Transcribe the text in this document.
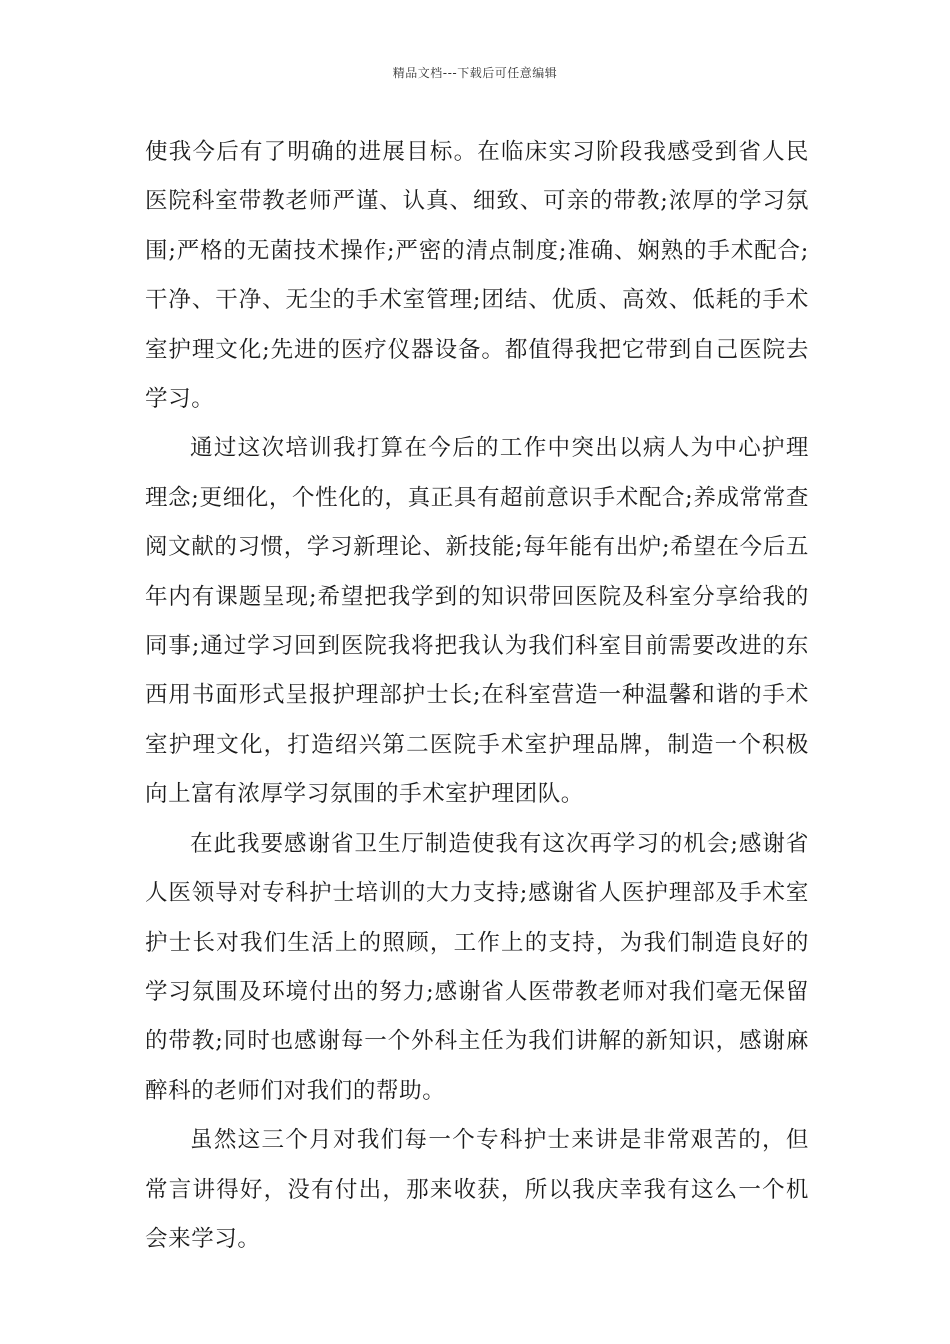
精品文档---下载后可任意编辑

使我今后有了明确的进展目标。在临床实习阶段我感受到省人民医院科室带教老师严谨、认真、细致、可亲的带教;浓厚的学习氛围;严格的无菌技术操作;严密的清点制度;准确、娴熟的手术配合;干净、干净、无尘的手术室管理;团结、优质、高效、低耗的手术室护理文化;先进的医疗仪器设备。都值得我把它带到自己医院去学习。

通过这次培训我打算在今后的工作中突出以病人为中心护理理念;更细化，个性化的，真正具有超前意识手术配合;养成常常查阅文献的习惯，学习新理论、新技能;每年能有出炉;希望在今后五年内有课题呈现;希望把我学到的知识带回医院及科室分享给我的同事;通过学习回到医院我将把我认为我们科室目前需要改进的东西用书面形式呈报护理部护士长;在科室营造一种温馨和谐的手术室护理文化，打造绍兴第二医院手术室护理品牌，制造一个积极向上富有浓厚学习氛围的手术室护理团队。

在此我要感谢省卫生厅制造使我有这次再学习的机会;感谢省人医领导对专科护士培训的大力支持;感谢省人医护理部及手术室护士长对我们生活上的照顾，工作上的支持，为我们制造良好的学习氛围及环境付出的努力;感谢省人医带教老师对我们毫无保留的带教;同时也感谢每一个外科主任为我们讲解的新知识，感谢麻醉科的老师们对我们的帮助。

虽然这三个月对我们每一个专科护士来讲是非常艰苦的，但常言讲得好，没有付出，那来收获，所以我庆幸我有这么一个机会来学习。
